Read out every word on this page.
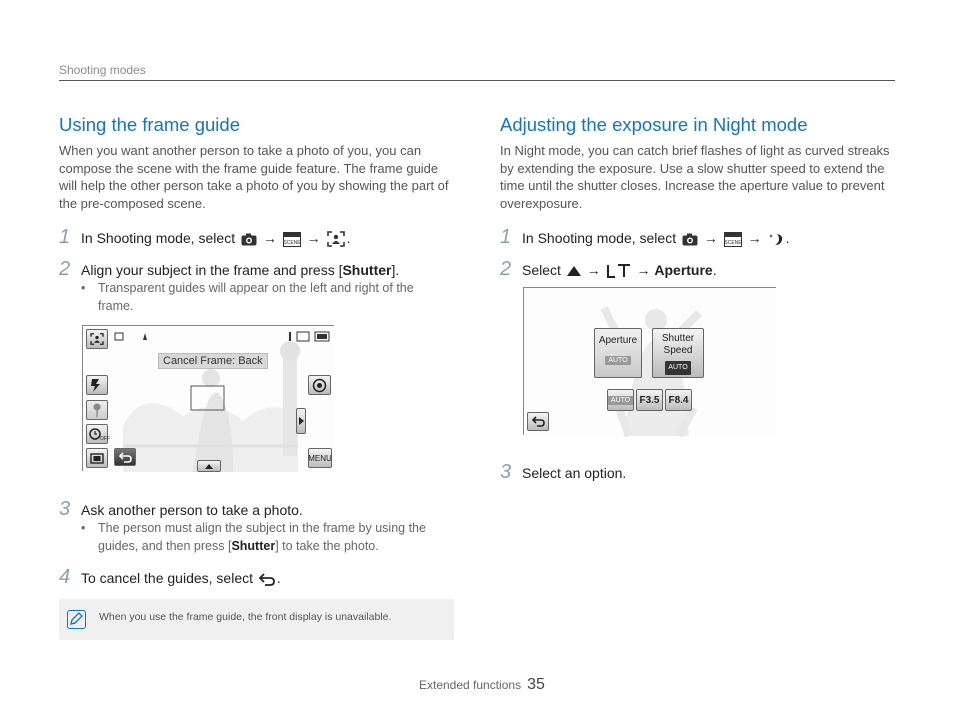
Shooting modes
Using the frame guide

When you want another person to take a photo of you, you can compose the scene with the frame guide feature. The frame guide will help the other person take a photo of you by showing the part of the pre-composed scene.

1 In Shooting mode, select → SCENE → .
2 Align your subject in the frame and press [Shutter].
• Transparent guides will appear on the left and right of the frame.
Cancel Frame: Back
OFF
MENU
3 Ask another person to take a photo.
• The person must align the subject in the frame by using the guides, and then press [Shutter] to take the photo.
4 To cancel the guides, select .
When you use the frame guide, the front display is unavailable.
Adjusting the exposure in Night mode

In Night mode, you can catch brief flashes of light as curved streaks by extending the exposure. Use a slow shutter speed to extend the time until the shutter closes. Increase the aperture value to prevent overexposure.

1 In Shooting mode, select → SCENE → .
2 Select →	→ Aperture.
Aperture
AUTO
Shutter
Speed
AUTO
AUTO F3.5 F8.4
3 Select an option.
Extended functions 35
